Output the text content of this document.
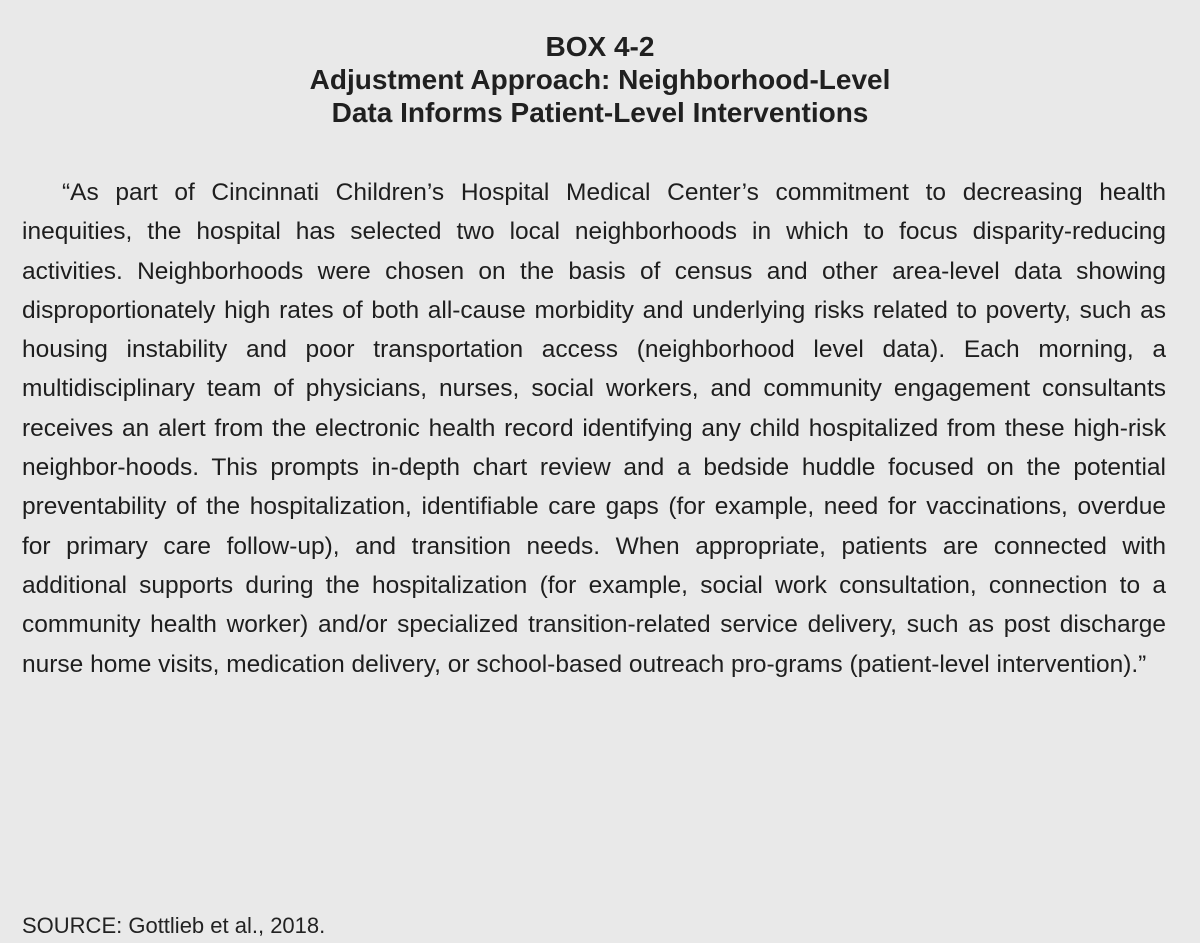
BOX 4-2
Adjustment Approach: Neighborhood-Level
Data Informs Patient-Level Interventions
“As part of Cincinnati Children’s Hospital Medical Center’s commitment to decreasing health inequities, the hospital has selected two local neighborhoods in which to focus disparity-reducing activities. Neighborhoods were chosen on the basis of census and other area-level data showing disproportionately high rates of both all-cause morbidity and underlying risks related to poverty, such as housing instability and poor transportation access (neighborhood level data). Each morning, a multidisciplinary team of physicians, nurses, social workers, and community engagement consultants receives an alert from the electronic health record identifying any child hospitalized from these high-risk neighbor-hoods. This prompts in-depth chart review and a bedside huddle focused on the potential preventability of the hospitalization, identifiable care gaps (for example, need for vaccinations, overdue for primary care follow-up), and transition needs. When appropriate, patients are connected with additional supports during the hospitalization (for example, social work consultation, connection to a community health worker) and/or specialized transition-related service delivery, such as post discharge nurse home visits, medication delivery, or school-based outreach pro-grams (patient-level intervention).”
SOURCE: Gottlieb et al., 2018.
